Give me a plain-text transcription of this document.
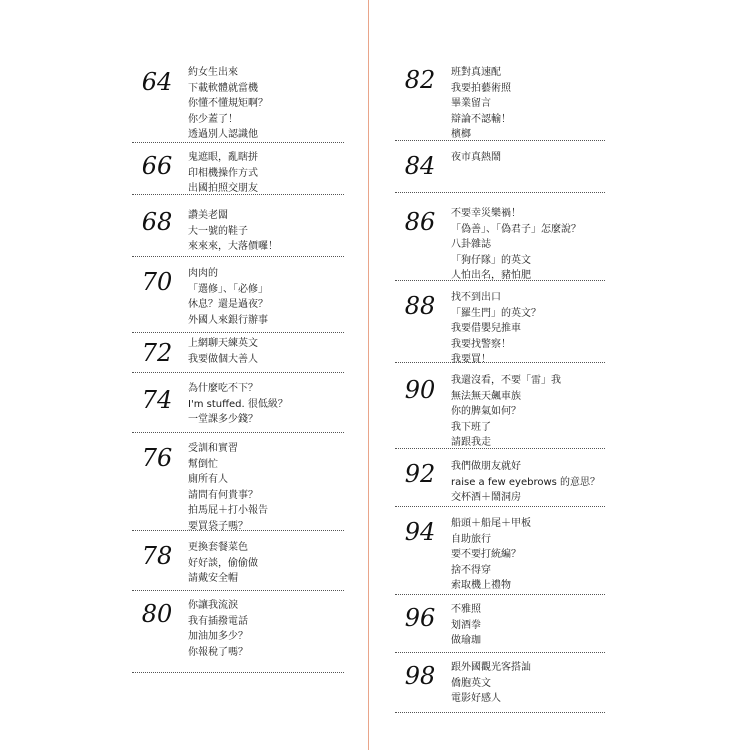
64	約女生出來
下載軟體就當機
你懂不懂規矩啊？
你少蓋了！
透過別人認識他
66	鬼遮眼，亂瞎拼
印相機操作方式
出國拍照交朋友
68	讚美老闆
大一號的鞋子
來來來，大落價囉！
70	肉肉的
「選修」、「必修」
休息？還是過夜？
外國人來銀行辦事
72	上網聊天練英文
我要做個大善人
74	為什麼吃不下？
I'm stuffed. 很低級？
一堂課多少錢？
76	受訓和實習
幫倒忙
廁所有人
請問有何貴事？
拍馬屁＋打小報告
要買袋子嗎？
78	更換套餐菜色
好好談，偷偷做
請戴安全帽
80	你讓我流淚
我有插撥電話
加油加多少？
你報稅了嗎？
82	班對真速配
我要拍藝術照
畢業留言
辯論不認輸！
檳榔
84	夜市真熱鬧
86	不要幸災樂禍！
「偽善」、「偽君子」怎麼說？
八卦雜誌
「狗仔隊」的英文
人怕出名，豬怕肥
88	找不到出口
「羅生門」的英文？
我要借嬰兒推車
我要找警察！
我要買！
90	我還沒看，不要「雷」我
無法無天飆車族
你的脾氣如何？
我下班了
請跟我走
92	我們做朋友就好
raise a few eyebrows 的意思？
交杯酒＋鬧洞房
94	船頭＋船尾＋甲板
自助旅行
要不要打統編？
捨不得穿
索取機上禮物
96	不雅照
划酒拳
做瑜珈
98	跟外國觀光客搭訕
僑胞英文
電影好感人
